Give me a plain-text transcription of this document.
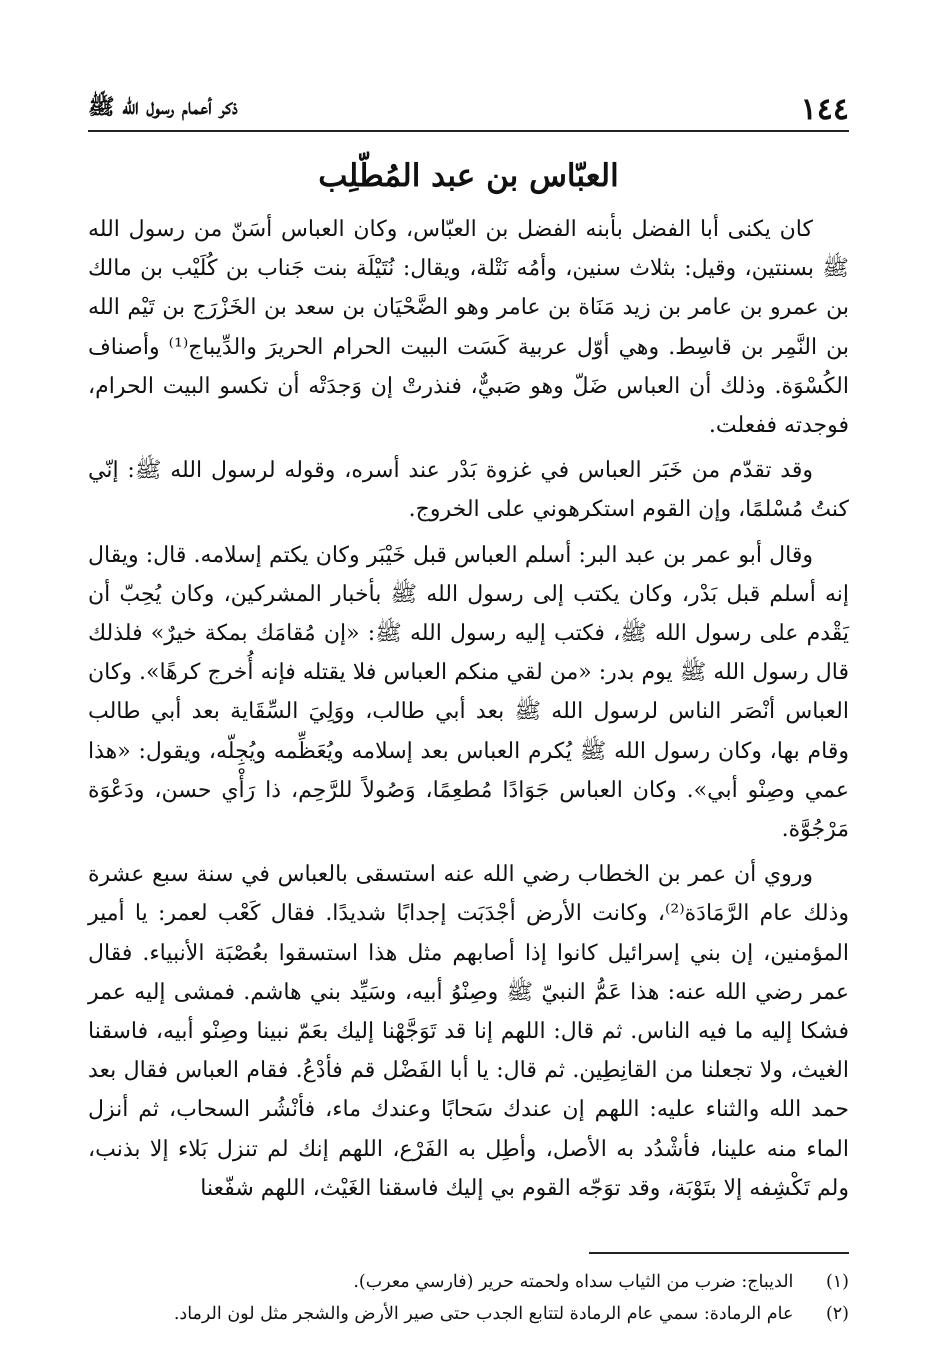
١٤٤
ذكر أعمام رسول الله ﷺ
العبّاس بن عبد المُطّلِب

كان يكنى أبا الفضل بأبنه الفضل بن العبّاس، وكان العباس أسَنّ من رسول الله ﷺ بسنتين، وقيل: بثلاث سنين، وأمُه نَتْلة، ويقال: نُتَيْلَة بنت جَناب بن كُلَيْب بن مالك بن عمرو بن عامر بن زيد مَنَاة بن عامر وهو الضَّحْيَان بن سعد بن الخَزْرَج بن تَيْم الله بن النَّمِر بن قاسِط. وهي أوّل عربية كَسَت البيت الحرام الحريرَ والدِّيباج⁽¹⁾ وأصناف الكُسْوَة. وذلك أن العباس ضَلّ وهو صَبيٌّ، فنذرتْ إن وَجدَتْه أن تكسو البيت الحرام، فوجدته ففعلت.

وقد تقدّم من خَبَر العباس في غزوة بَدْر عند أسره، وقوله لرسول الله ﷺ: إنّي كنتُ مُسْلمًا، وإن القوم استكرهوني على الخروج.

وقال أبو عمر بن عبد البر: أسلم العباس قبل خَيْبَر وكان يكتم إسلامه. قال: ويقال إنه أسلم قبل بَدْر، وكان يكتب إلى رسول الله ﷺ بأخبار المشركين، وكان يُحِبّ أن يَقْدم على رسول الله ﷺ، فكتب إليه رسول الله ﷺ: «إن مُقامَك بمكة خيرٌ» فلذلك قال رسول الله ﷺ يوم بدر: «من لقي منكم العباس فلا يقتله فإنه أُخرج كرهًا». وكان العباس أنْصَر الناس لرسول الله ﷺ بعد أبي طالب، ووَلِيَ السِّقَاية بعد أبي طالب وقام بها، وكان رسول الله ﷺ يُكرم العباس بعد إسلامه ويُعَظِّمه ويُجِلّه، ويقول: «هذا عمي وصِنْو أبي». وكان العباس جَوَادًا مُطعِمًا، وَصُولاً للرَّحِم، ذا رَأْي حسن، ودَعْوَة مَرْجُوَّة.

وروي أن عمر بن الخطاب رضي الله عنه استسقى بالعباس في سنة سبع عشرة وذلك عام الرَّمَادَة⁽²⁾، وكانت الأرض أجْدَبَت إجدابًا شديدًا. فقال كَعْب لعمر: يا أمير المؤمنين، إن بني إسرائيل كانوا إذا أصابهم مثل هذا استسقوا بعُصْبَة الأنبياء. فقال عمر رضي الله عنه: هذا عَمُّ النبيّ ﷺ وصِنْوُ أبيه، وسَيِّد بني هاشم. فمشى إليه عمر فشكا إليه ما فيه الناس. ثم قال: اللهم إنا قد تَوَجَّهْنا إليك بعَمّ نبينا وصِنْو أبيه، فاسقنا الغيث، ولا تجعلنا من القانِطِين. ثم قال: يا أبا الفَضْل قم فأدْعُ. فقام العباس فقال بعد حمد الله والثناء عليه: اللهم إن عندك سَحابًا وعندك ماء، فأنْشُر السحاب، ثم أنزل الماء منه علينا، فأشْدُد به الأصل، وأطِل به الفَرْع، اللهم إنك لم تنزل بَلاء إلا بذنب، ولم تَكْشِفه إلا بتَوْبَة، وقد توَجّه القوم بي إليك فاسقنا الغَيْث، اللهم شفّعنا

(١) الديباج: ضرب من الثياب سداه ولحمته حرير (فارسي معرب).

(٢) عام الرمادة: سمي عام الرمادة لتتابع الجدب حتى صير الأرض والشجر مثل لون الرماد.
